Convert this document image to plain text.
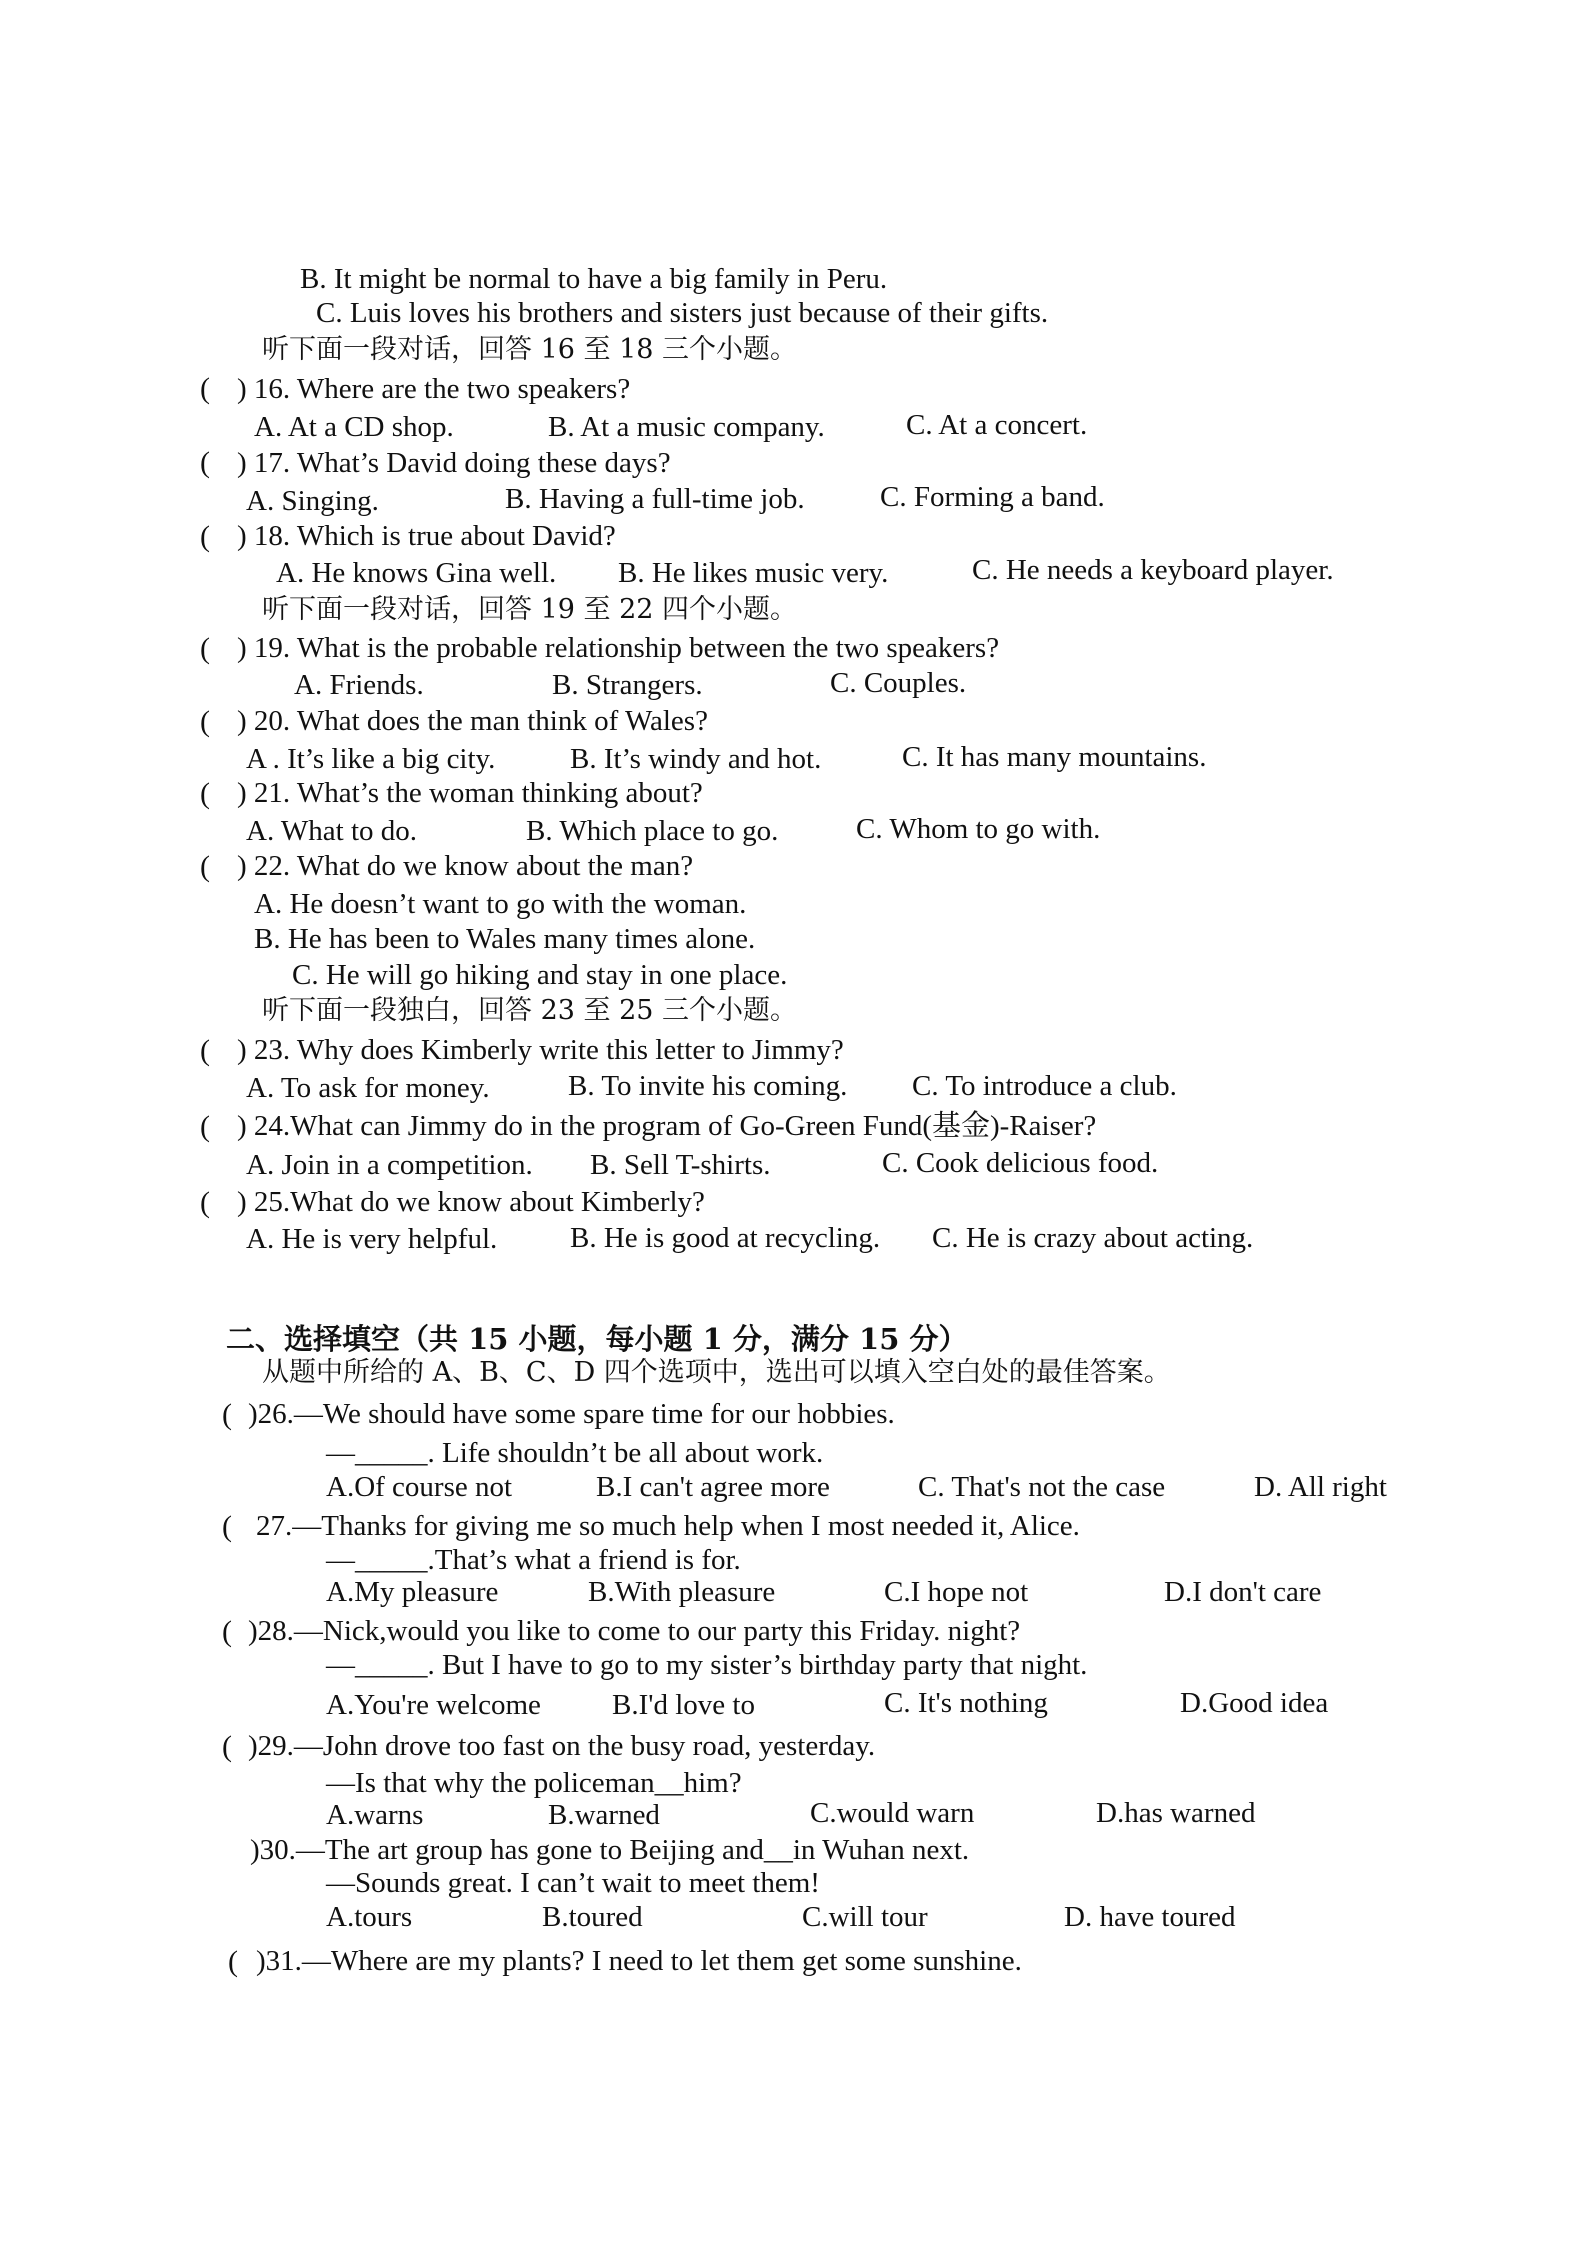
B. It might be normal to have a big family in Peru.
C. Luis loves his brothers and sisters just because of their gifts.
听下面一段对话，回答 16 至 18 三个小题。
( ) 16. Where are the two speakers?
A. At a CD shop.	B. At a music company.	C. At a concert.
( ) 17. What’s David doing these days?
A. Singing.	B. Having a full-time job.	C. Forming a band.
( ) 18. Which is true about David?
A. He knows Gina well. B. He likes music very.	C. He needs a keyboard player.
听下面一段对话，回答 19 至 22 四个小题。
( ) 19. What is the probable relationship between the two speakers?
A. Friends.	B. Strangers.	C. Couples.
( ) 20. What does the man think of Wales?
A . It’s like a big city.	B. It’s windy and hot.	C. It has many mountains.
( ) 21. What’s the woman thinking about?
A. What to do.	B. Which place to go.	C. Whom to go with.
( ) 22. What do we know about the man?
A. He doesn’t want to go with the woman.
B. He has been to Wales many times alone.
C. He will go hiking and stay in one place.
听下面一段独白，回答 23 至 25 三个小题。
( ) 23. Why does Kimberly write this letter to Jimmy?
A. To ask for money.	B. To invite his coming. C. To introduce a club.
( ) 24.What can Jimmy do in the program of Go-Green Fund(基金)-Raiser?
A. Join in a competition. B. Sell T-shirts.	C. Cook delicious food.
( ) 25.What do we know about Kimberly?
A. He is very helpful.	B. He is good at recycling. C. He is crazy about acting.
二、选择填空（共 15 小题，每小题 1 分，满分 15 分）
从题中所给的 A、B、C、D 四个选项中，选出可以填入空白处的最佳答案。
( )26.—We should have some spare time for our hobbies.
—_____. Life shouldn’t be all about work.
A.Of course not	B.I can't agree more	C. That's not the case	D. All right
( 27.—Thanks for giving me so much help when I most needed it, Alice.
—_____.That’s what a friend is for.
A.My pleasure	B.With pleasure	C.I hope not	D.I don't care
( )28.—Nick,would you like to come to our party this Friday. night?
—_____. But I have to go to my sister’s birthday party that night.
A.You're welcome B.I'd love to	C. It's nothing	D.Good idea
( )29.—John drove too fast on the busy road, yesterday.
—Is that why the policeman__him?
A.warns	B.warned	C.would warn	D.has warned
)30.—The art group has gone to Beijing and__in Wuhan next.
—Sounds great. I can’t wait to meet them!
A.tours	B.toured	C.will tour	D. have toured
( )31.—Where are my plants? I need to let them get some sunshine.
